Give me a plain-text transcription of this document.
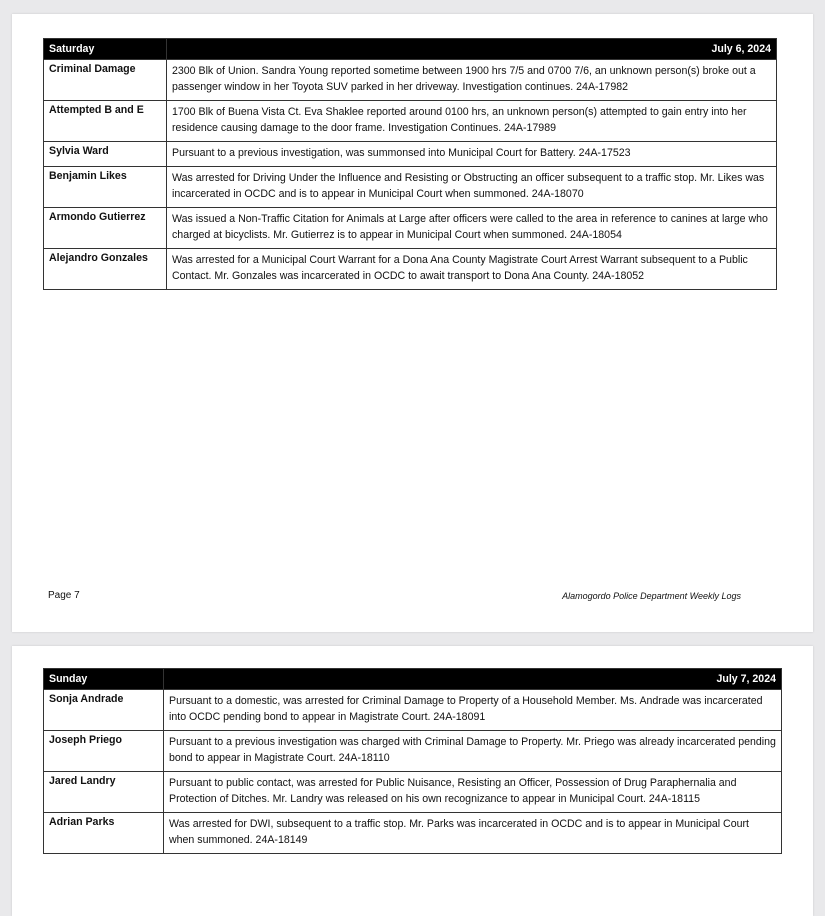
Saturday	July 6, 2024
Criminal Damage	2300 Blk of Union. Sandra Young reported sometime between 1900 hrs 7/5 and 0700 7/6, an unknown person(s) broke out a passenger window in her Toyota SUV parked in her driveway. Investigation continues. 24A-17982
Attempted B and E	1700 Blk of Buena Vista Ct. Eva Shaklee reported around 0100 hrs, an unknown person(s) attempted to gain entry into her residence causing damage to the door frame. Investigation Continues. 24A-17989
Sylvia Ward	Pursuant to a previous investigation, was summonsed into Municipal Court for Battery. 24A-17523
Benjamin Likes	Was arrested for Driving Under the Influence and Resisting or Obstructing an officer subsequent to a traffic stop. Mr. Likes was incarcerated in OCDC and is to appear in Municipal Court when summoned. 24A-18070
Armondo Gutierrez	Was issued a Non-Traffic Citation for Animals at Large after officers were called to the area in reference to canines at large who charged at bicyclists. Mr. Gutierrez is to appear in Municipal Court when summoned. 24A-18054
Alejandro Gonzales	Was arrested for a Municipal Court Warrant for a Dona Ana County Magistrate Court Arrest Warrant subsequent to a Public Contact. Mr. Gonzales was incarcerated in OCDC to await transport to Dona Ana County. 24A-18052
Page 7	Alamogordo Police Department Weekly Logs
Sunday	July 7, 2024
Sonja Andrade	Pursuant to a domestic, was arrested for Criminal Damage to Property of a Household Member. Ms. Andrade was incarcerated into OCDC pending bond to appear in Magistrate Court. 24A-18091
Joseph Priego	Pursuant to a previous investigation was charged with Criminal Damage to Property. Mr. Priego was already incarcerated pending bond to appear in Magistrate Court. 24A-18110
Jared Landry	Pursuant to public contact, was arrested for Public Nuisance, Resisting an Officer, Possession of Drug Paraphernalia and Protection of Ditches. Mr. Landry was released on his own recognizance to appear in Municipal Court. 24A-18115
Adrian Parks	Was arrested for DWI, subsequent to a traffic stop. Mr. Parks was incarcerated in OCDC and is to appear in Municipal Court when summoned. 24A-18149
